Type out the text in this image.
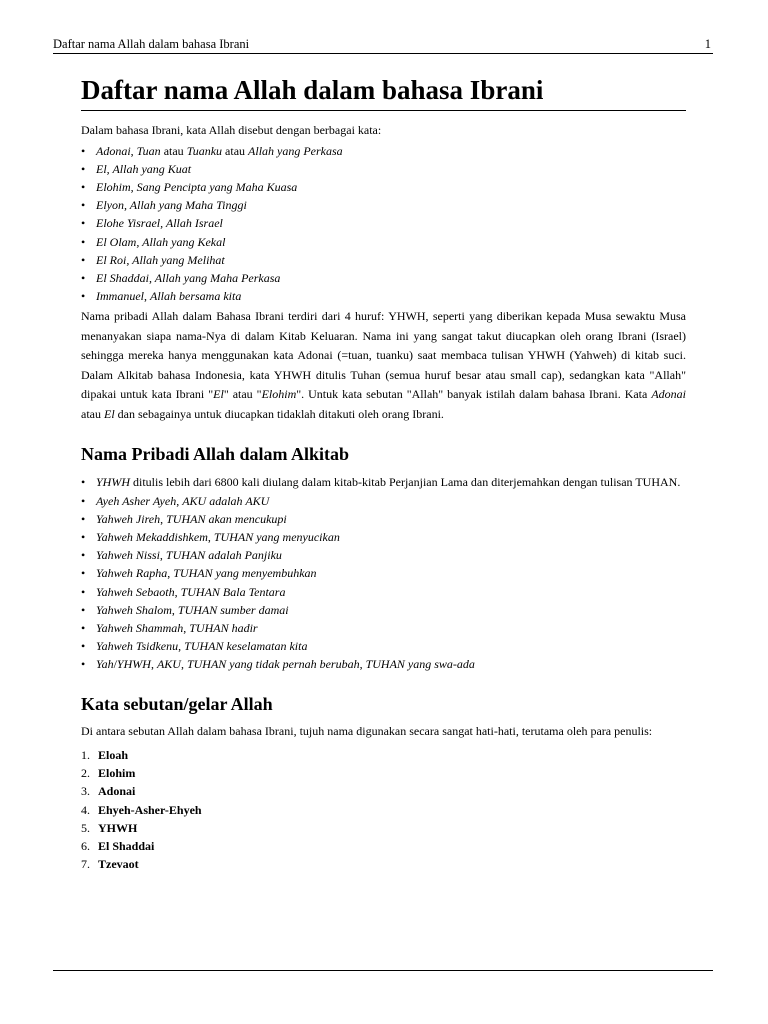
Daftar nama Allah dalam bahasa Ibrani	1
Daftar nama Allah dalam bahasa Ibrani

Dalam bahasa Ibrani, kata Allah disebut dengan berbagai kata:

• Adonai, Tuan atau Tuanku atau Allah yang Perkasa
• El, Allah yang Kuat
• Elohim, Sang Pencipta yang Maha Kuasa
• Elyon, Allah yang Maha Tinggi
• Elohe Yisrael, Allah Israel
• El Olam, Allah yang Kekal
• El Roi, Allah yang Melihat
• El Shaddai, Allah yang Maha Perkasa
• Immanuel, Allah bersama kita

Nama pribadi Allah dalam Bahasa Ibrani terdiri dari 4 huruf: YHWH, seperti yang diberikan kepada Musa sewaktu Musa menanyakan siapa nama-Nya di dalam Kitab Keluaran. Nama ini yang sangat takut diucapkan oleh orang Ibrani (Israel) sehingga mereka hanya menggunakan kata Adonai (=tuan, tuanku) saat membaca tulisan YHWH (Yahweh) di kitab suci. Dalam Alkitab bahasa Indonesia, kata YHWH ditulis Tuhan (semua huruf besar atau small cap), sedangkan kata "Allah" dipakai untuk kata Ibrani "El" atau "Elohim". Untuk kata sebutan "Allah" banyak istilah dalam bahasa Ibrani. Kata Adonai atau El dan sebagainya untuk diucapkan tidaklah ditakuti oleh orang Ibrani.

Nama Pribadi Allah dalam Alkitab
• YHWH ditulis lebih dari 6800 kali diulang dalam kitab-kitab Perjanjian Lama dan diterjemahkan dengan tulisan TUHAN.
• Ayeh Asher Ayeh, AKU adalah AKU
• Yahweh Jireh, TUHAN akan mencukupi
• Yahweh Mekaddishkem, TUHAN yang menyucikan
• Yahweh Nissi, TUHAN adalah Panjiku
• Yahweh Rapha, TUHAN yang menyembuhkan
• Yahweh Sebaoth, TUHAN Bala Tentara
• Yahweh Shalom, TUHAN sumber damai
• Yahweh Shammah, TUHAN hadir
• Yahweh Tsidkenu, TUHAN keselamatan kita
• Yah/YHWH, AKU, TUHAN yang tidak pernah berubah, TUHAN yang swa-ada
Kata sebutan/gelar Allah

Di antara sebutan Allah dalam bahasa Ibrani, tujuh nama digunakan secara sangat hati-hati, terutama oleh para penulis:

1. Eloah
2. Elohim
3. Adonai
4. Ehyeh-Asher-Ehyeh
5. YHWH
6. El Shaddai
7. Tzevaot
